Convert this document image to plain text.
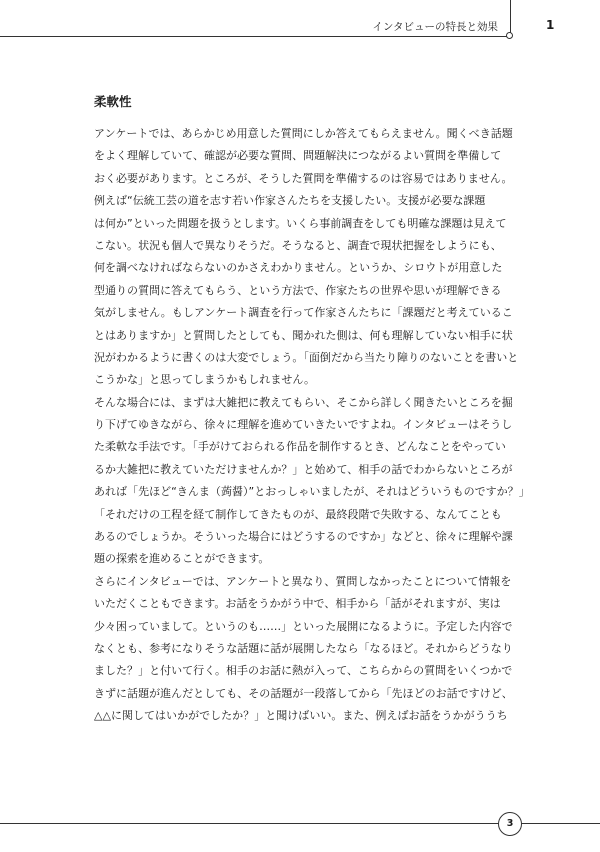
インタビューの特長と効果	1
柔軟性
アンケートでは、あらかじめ用意した質問にしか答えてもらえません。聞くべき話題
をよく理解していて、確認が必要な質問、問題解決につながるよい質問を準備して
おく必要があります。ところが、そうした質問を準備するのは容易ではありません。
例えば“伝統工芸の道を志す若い作家さんたちを支援したい。支援が必要な課題
は何か”といった問題を扱うとします。いくら事前調査をしても明確な課題は見えて
こない。状況も個人で異なりそうだ。そうなると、調査で現状把握をしようにも、
何を調べなければならないのかさえわかりません。というか、シロウトが用意した
型通りの質問に答えてもらう、という方法で、作家たちの世界や思いが理解できる
気がしません。もしアンケート調査を行って作家さんたちに「課題だと考えているこ
とはありますか」と質問したとしても、聞かれた側は、何も理解していない相手に状
況がわかるように書くのは大変でしょう。「面倒だから当たり障りのないことを書いと
こうかな」と思ってしまうかもしれません。
そんな場合には、まずは大雑把に教えてもらい、そこから詳しく聞きたいところを掘
り下げてゆきながら、徐々に理解を進めていきたいですよね。インタビューはそうし
た柔軟な手法です。「手がけておられる作品を制作するとき、どんなことをやってい
るか大雑把に教えていただけませんか？」と始めて、相手の話でわからないところが
あれば「先ほど“きんま（蒟醤）”とおっしゃいましたが、それはどういうものですか？」
「それだけの工程を経て制作してきたものが、最終段階で失敗する、なんてことも
あるのでしょうか。そういった場合にはどうするのですか」などと、徐々に理解や課
題の探索を進めることができます。
さらにインタビューでは、アンケートと異なり、質問しなかったことについて情報を
いただくこともできます。お話をうかがう中で、相手から「話がそれますが、実は
少々困っていまして。というのも……」といった展開になるように。予定した内容で
なくとも、参考になりそうな話題に話が展開したなら「なるほど。それからどうなり
ました？」と付いて行く。相手のお話に熱が入って、こちらからの質問をいくつかで
きずに話題が進んだとしても、その話題が一段落してから「先ほどのお話ですけど、
△△に関してはいかがでしたか？」と聞けばいい。また、例えばお話をうかがううち
3
